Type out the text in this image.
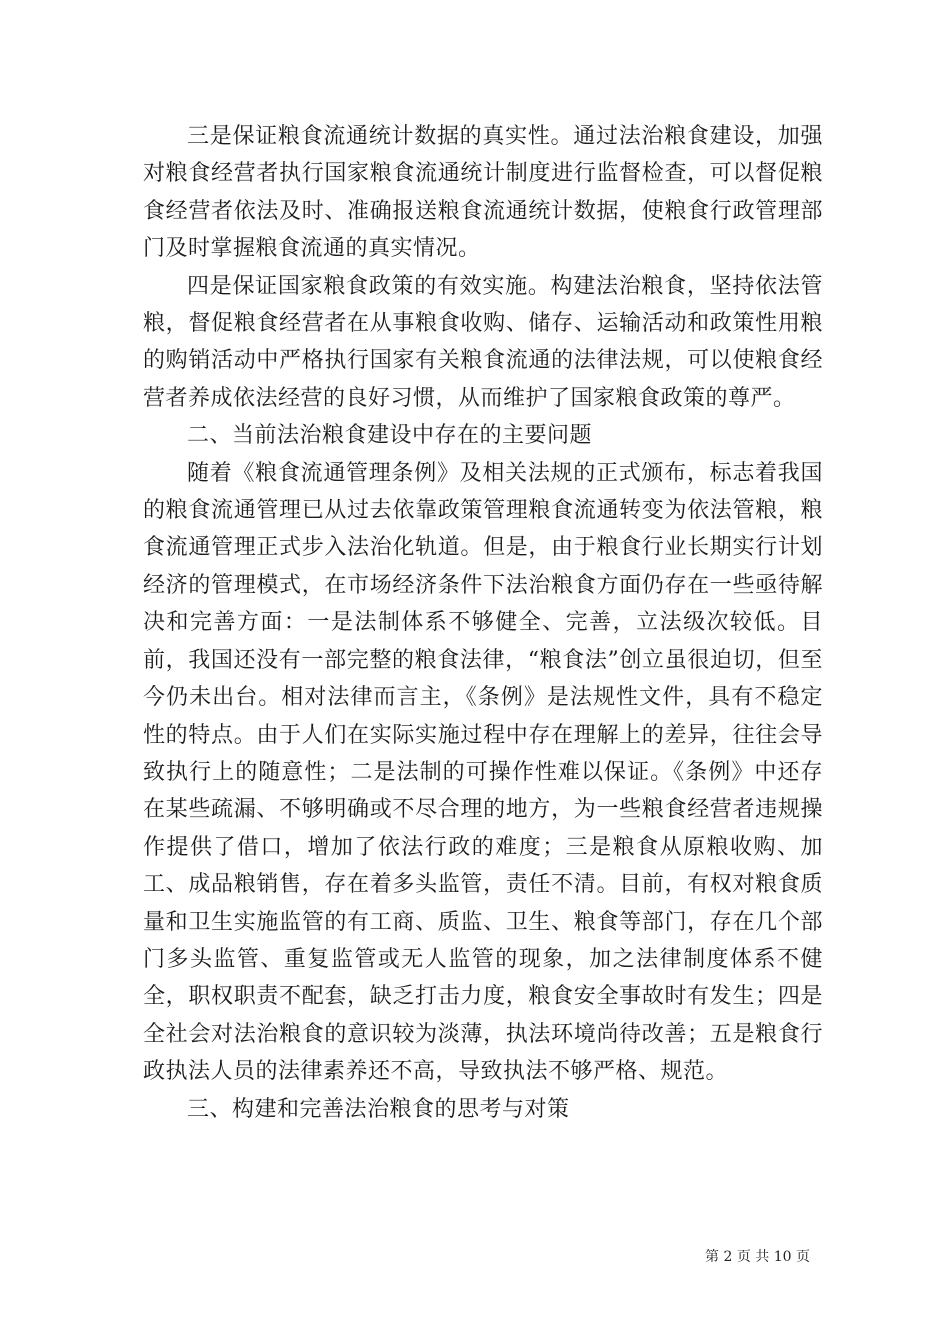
三是保证粮食流通统计数据的真实性。通过法治粮食建设，加强对粮食经营者执行国家粮食流通统计制度进行监督检查，可以督促粮食经营者依法及时、准确报送粮食流通统计数据，使粮食行政管理部门及时掌握粮食流通的真实情况。

四是保证国家粮食政策的有效实施。构建法治粮食，坚持依法管粮，督促粮食经营者在从事粮食收购、储存、运输活动和政策性用粮的购销活动中严格执行国家有关粮食流通的法律法规，可以使粮食经营者养成依法经营的良好习惯，从而维护了国家粮食政策的尊严。

二、当前法治粮食建设中存在的主要问题

随着《粮食流通管理条例》及相关法规的正式颁布，标志着我国的粮食流通管理已从过去依靠政策管理粮食流通转变为依法管粮，粮食流通管理正式步入法治化轨道。但是，由于粮食行业长期实行计划经济的管理模式，在市场经济条件下法治粮食方面仍存在一些亟待解决和完善方面：一是法制体系不够健全、完善，立法级次较低。目前，我国还没有一部完整的粮食法律，“粮食法”创立虽很迫切，但至今仍未出台。相对法律而言主，《条例》是法规性文件，具有不稳定性的特点。由于人们在实际实施过程中存在理解上的差异，往往会导致执行上的随意性；二是法制的可操作性难以保证。《条例》中还存在某些疏漏、不够明确或不尽合理的地方，为一些粮食经营者违规操作提供了借口，增加了依法行政的难度；三是粮食从原粮收购、加工、成品粮销售，存在着多头监管，责任不清。目前，有权对粮食质量和卫生实施监管的有工商、质监、卫生、粮食等部门，存在几个部门多头监管、重复监管或无人监管的现象，加之法律制度体系不健全，职权职责不配套，缺乏打击力度，粮食安全事故时有发生；四是全社会对法治粮食的意识较为淡薄，执法环境尚待改善；五是粮食行政执法人员的法律素养还不高，导致执法不够严格、规范。

三、构建和完善法治粮食的思考与对策

第 2 页 共 10 页
